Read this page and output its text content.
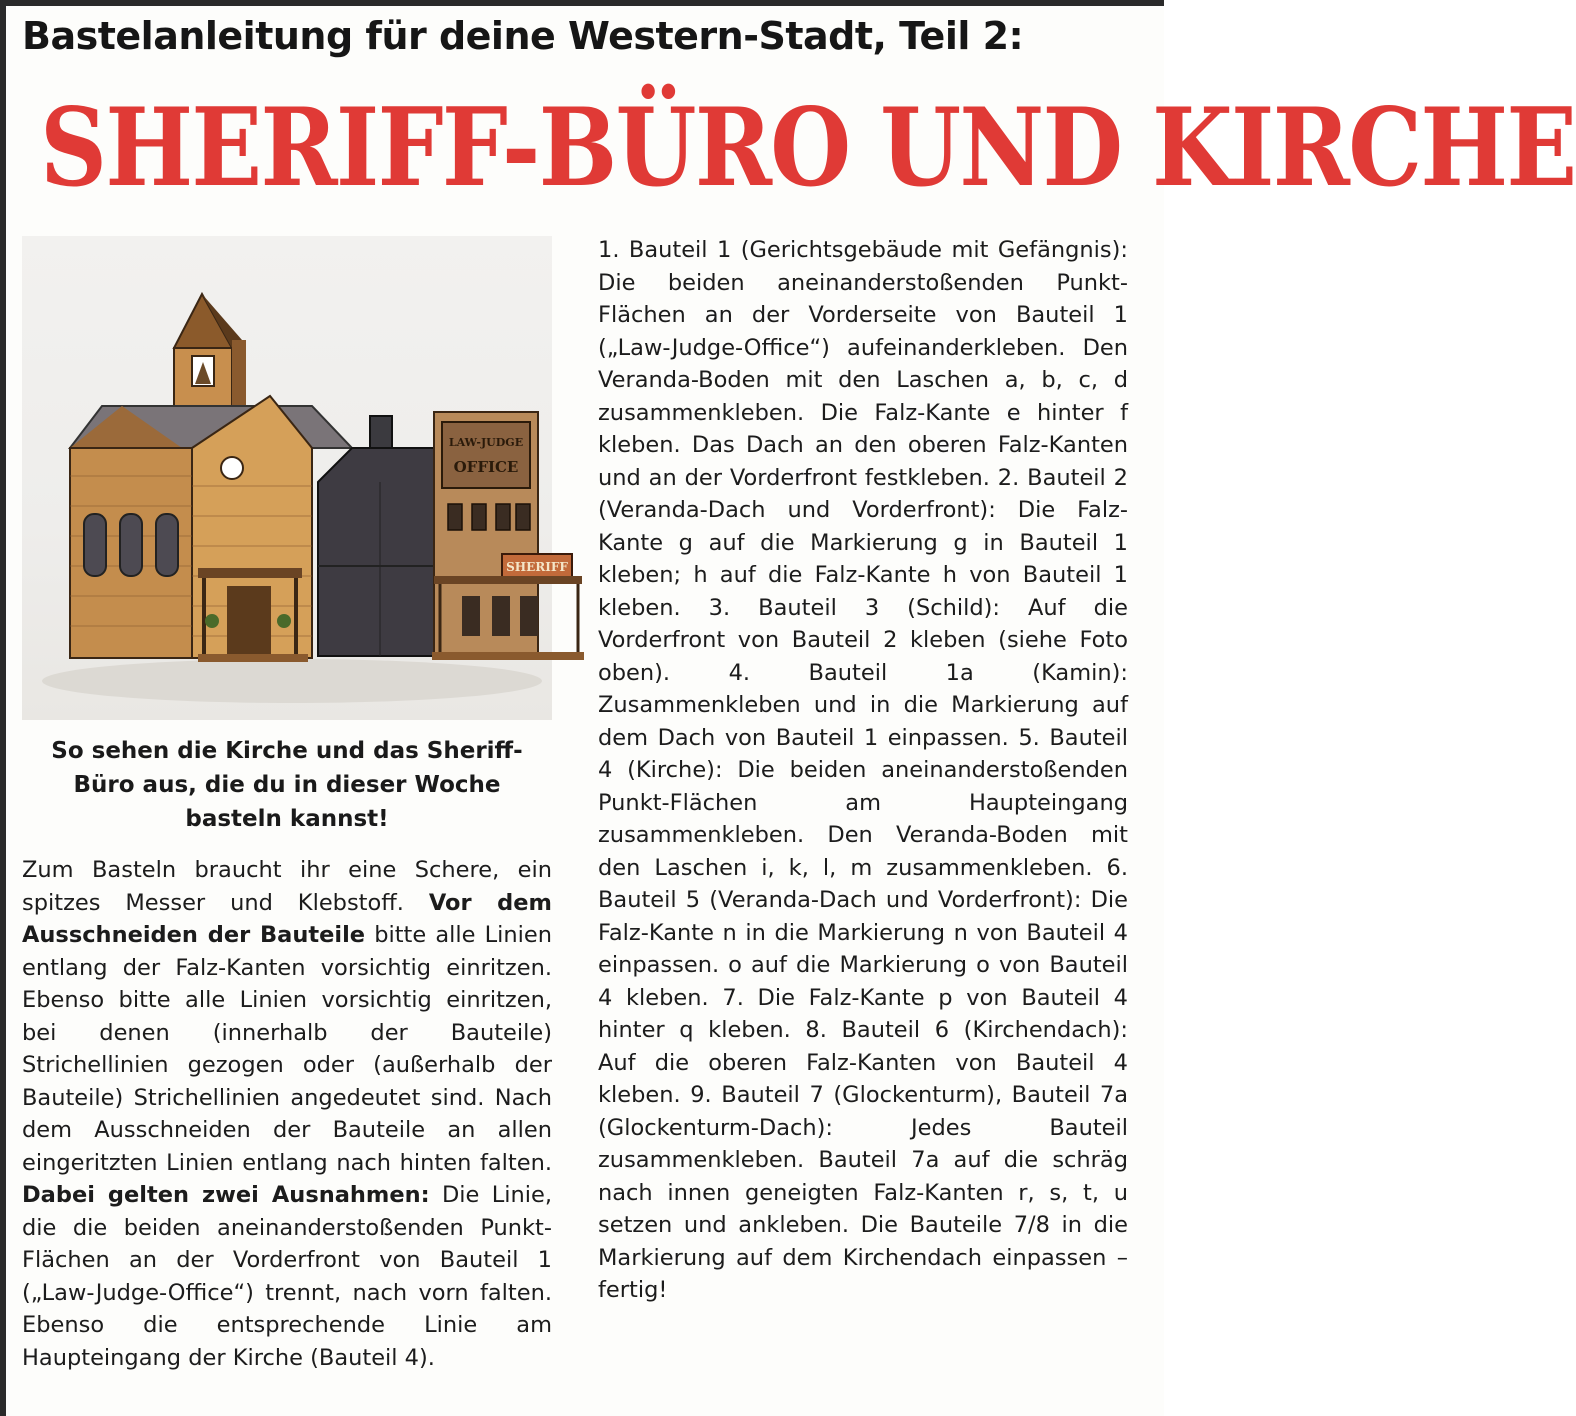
Bastelanleitung für deine Western-Stadt, Teil 2:
SHERIFF-BÜRO UND KIRCHE
LAW-JUDGE
OFFICE
SHERIFF
So sehen die Kirche und das Sheriff-Büro aus, die du in dieser Woche basteln kannst!

Zum Basteln braucht ihr eine Schere, ein spitzes Messer und Klebstoff. Vor dem Ausschneiden der Bauteile bitte alle Linien entlang der Falz-Kanten vorsichtig einritzen. Ebenso bitte alle Linien vorsichtig einritzen, bei denen (innerhalb der Bauteile) Strichellinien gezogen oder (außerhalb der Bauteile) Strichellinien angedeutet sind. Nach dem Ausschneiden der Bauteile an allen eingeritzten Linien entlang nach hinten falten. Dabei gelten zwei Ausnahmen: Die Linie, die die beiden aneinanderstoßenden Punkt-Flächen an der Vorderfront von Bauteil 1 („Law-Judge-Office“) trennt, nach vorn falten. Ebenso die entsprechende Linie am Haupteingang der Kirche (Bauteil 4).

1. Bauteil 1 (Gerichtsgebäude mit Gefängnis): Die beiden aneinanderstoßenden Punkt-Flächen an der Vorderseite von Bauteil 1 („Law-Judge-Office“) aufeinanderkleben. Den Veranda-Boden mit den Laschen a, b, c, d zusammenkleben. Die Falz-Kante e hinter f kleben. Das Dach an den oberen Falz-Kanten und an der Vorderfront festkleben. 2. Bauteil 2 (Veranda-Dach und Vorderfront): Die Falz-Kante g auf die Markierung g in Bauteil 1 kleben; h auf die Falz-Kante h von Bauteil 1 kleben. 3. Bauteil 3 (Schild): Auf die Vorderfront von Bauteil 2 kleben (siehe Foto oben). 4. Bauteil 1a (Kamin): Zusammenkleben und in die Markierung auf dem Dach von Bauteil 1 einpassen. 5. Bauteil 4 (Kirche): Die beiden aneinanderstoßenden Punkt-Flächen am Haupteingang zusammenkleben. Den Veranda-Boden mit den Laschen i, k, l, m zusammenkleben. 6. Bauteil 5 (Veranda-Dach und Vorderfront): Die Falz-Kante n in die Markierung n von Bauteil 4 einpassen. o auf die Markierung o von Bauteil 4 kleben. 7. Die Falz-Kante p von Bauteil 4 hinter q kleben. 8. Bauteil 6 (Kirchendach): Auf die oberen Falz-Kanten von Bauteil 4 kleben. 9. Bauteil 7 (Glockenturm), Bauteil 7a (Glockenturm-Dach): Jedes Bauteil zusammenkleben. Bauteil 7a auf die schräg nach innen geneigten Falz-Kanten r, s, t, u setzen und ankleben. Die Bauteile 7/8 in die Markierung auf dem Kirchendach einpassen – fertig!
